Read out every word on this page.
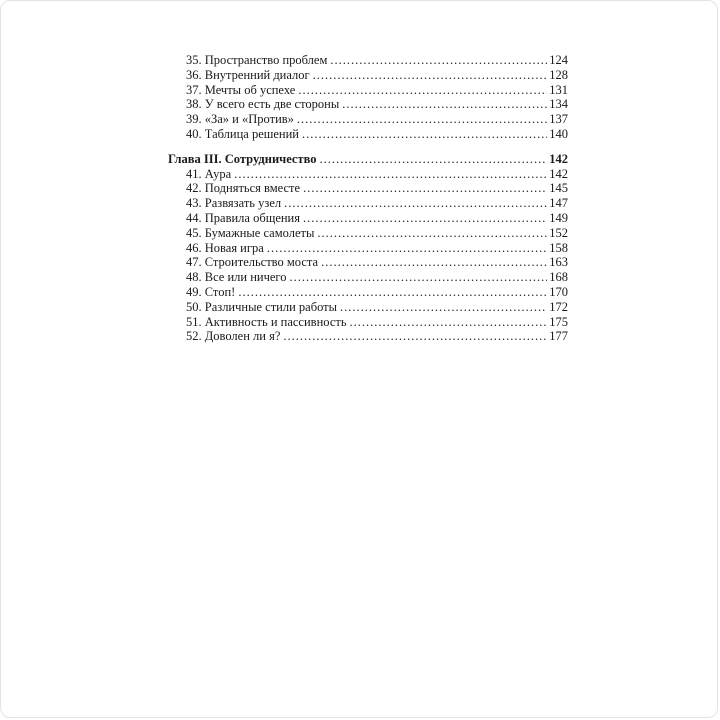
35. Пространство проблем .....	124
36. Внутренний диалог .....	128
37. Мечты об успехе .....	131
38. У всего есть две стороны .....	134
39. «За» и «Против» .....	137
40. Таблица решений .....	140
Глава III. Сотрудничество .....	142
41. Аура .....	142
42. Подняться вместе .....	145
43. Развязать узел .....	147
44. Правила общения .....	149
45. Бумажные самолеты .....	152
46. Новая игра .....	158
47. Строительство моста .....	163
48. Все или ничего .....	168
49. Стоп! .....	170
50. Различные стили работы .....	172
51. Активность и пассивность .....	175
52. Доволен ли я? .....	177
